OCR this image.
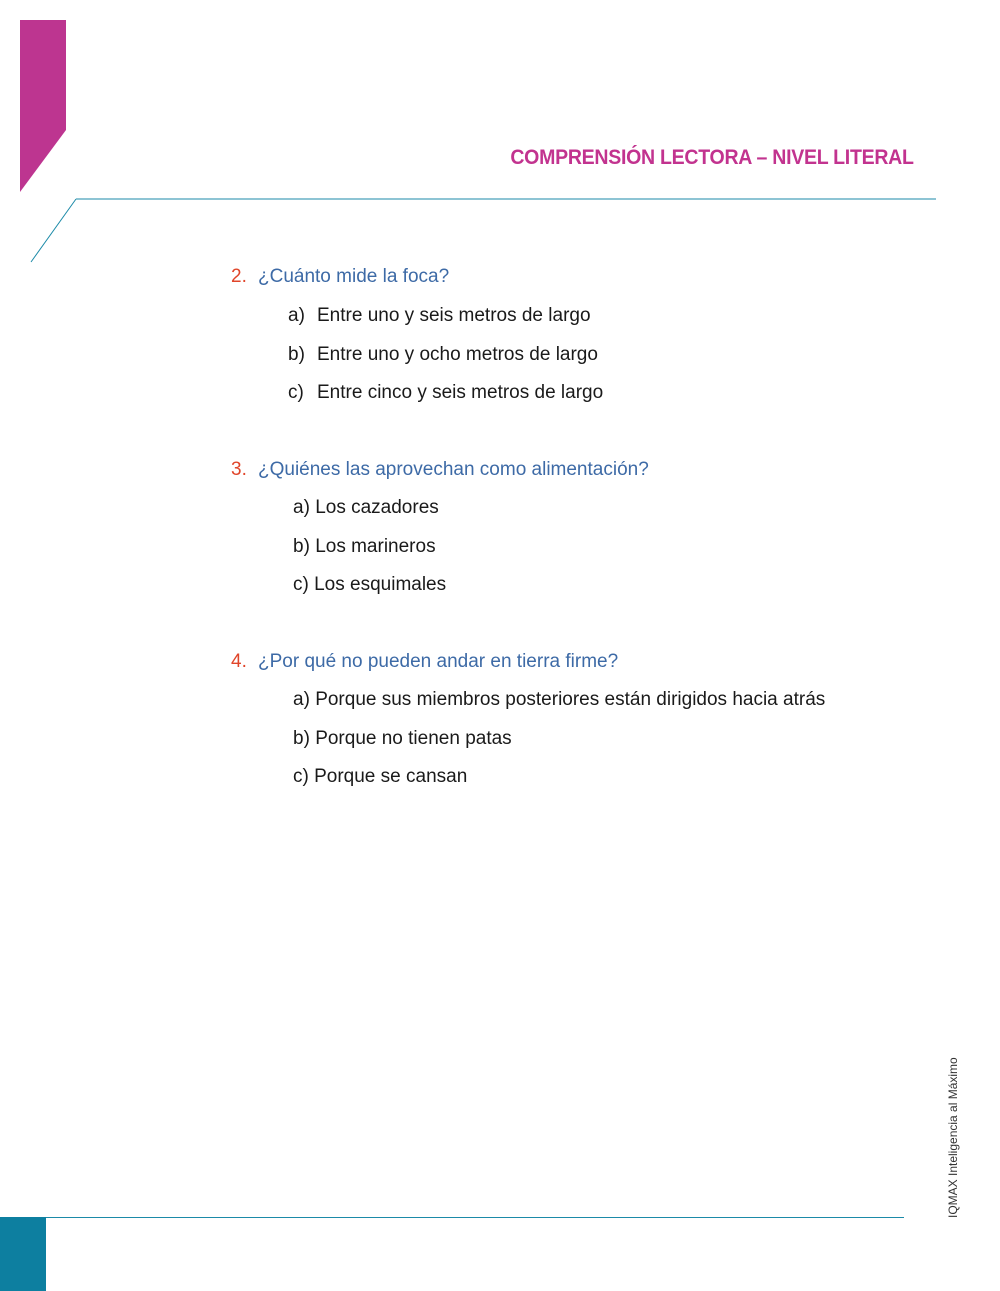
COMPRENSIÓN LECTORA – NIVEL LITERAL
2. ¿Cuánto mide la foca?
a) Entre uno y seis metros de largo
b) Entre uno y ocho metros de largo
c) Entre cinco y seis metros de largo
3. ¿Quiénes las aprovechan como alimentación?
a) Los cazadores
b) Los marineros
c) Los esquimales
4. ¿Por qué no pueden andar en tierra firme?
a) Porque sus miembros posteriores están dirigidos hacia atrás
b) Porque no tienen patas
c) Porque se cansan
IQMAX Inteligencia al Máximo
